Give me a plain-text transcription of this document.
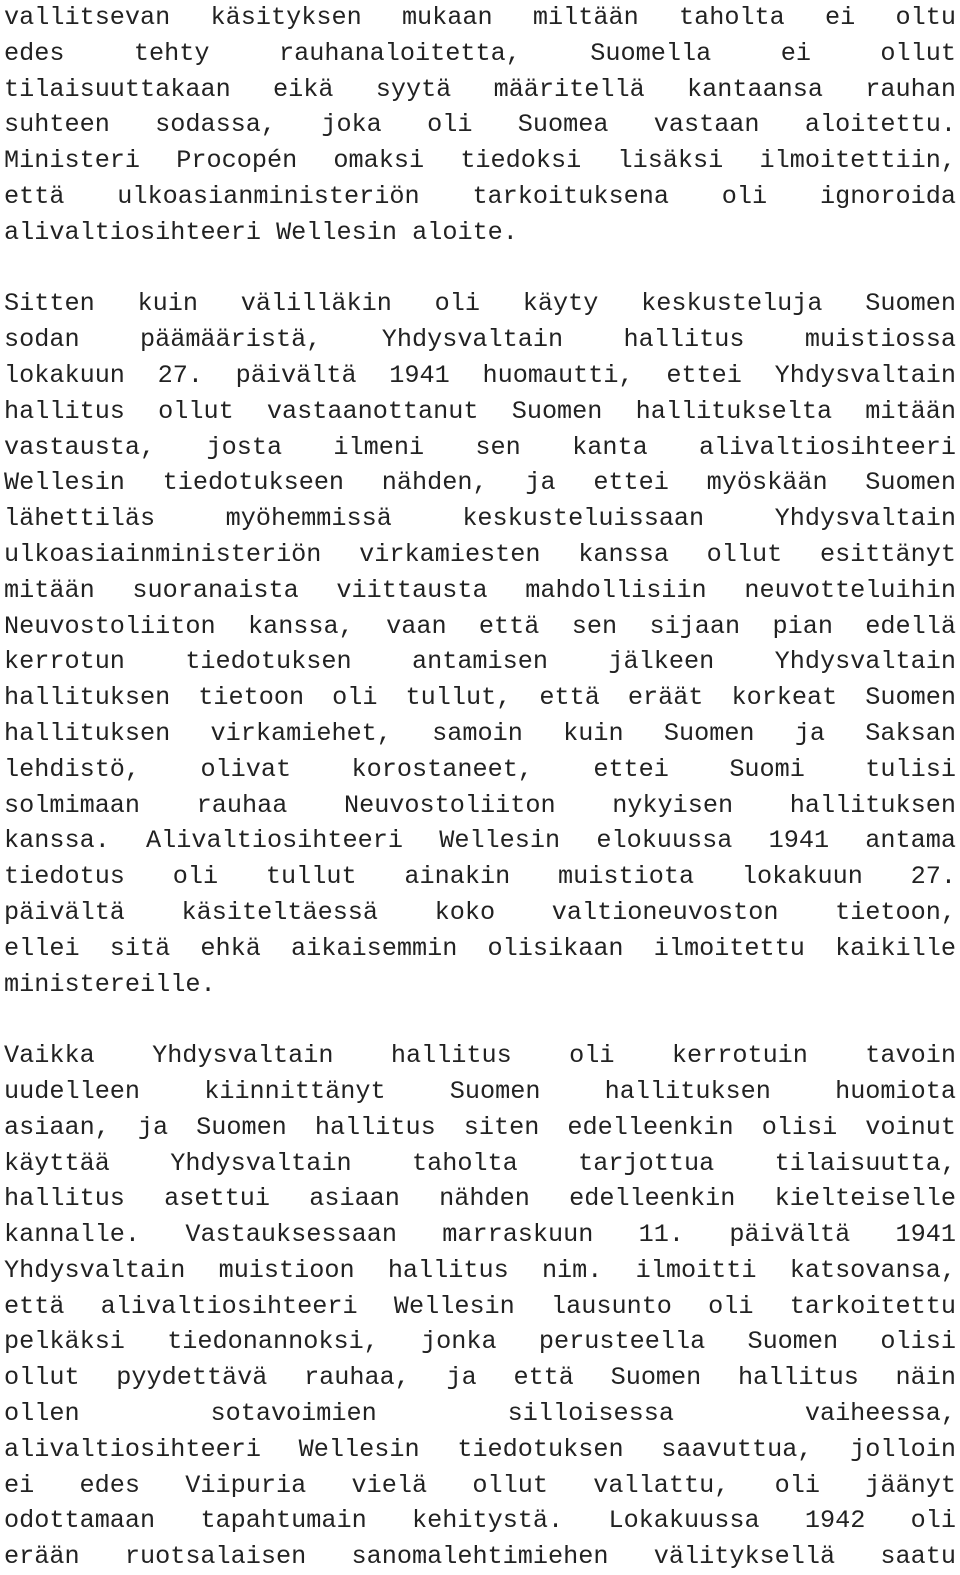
vallitsevan käsityksen mukaan miltään taholta ei oltu
edes tehty rauhanaloitetta, Suomella ei ollut
tilaisuuttakaan eikä syytä määritellä kantaansa rauhan
suhteen sodassa, joka oli Suomea vastaan aloitettu.
Ministeri Procopén omaksi tiedoksi lisäksi ilmoitettiin,
että ulkoasianministeriön tarkoituksena oli ignoroida
alivaltiosihteeri Wellesin aloite.
Sitten kuin välilläkin oli käyty keskusteluja Suomen
sodan päämääristä, Yhdysvaltain hallitus muistiossa
lokakuun 27. päivältä 1941 huomautti, ettei Yhdysvaltain
hallitus ollut vastaanottanut Suomen hallitukselta mitään
vastausta, josta ilmeni sen kanta alivaltiosihteeri
Wellesin tiedotukseen nähden, ja ettei myöskään Suomen
lähettiläs myöhemmissä keskusteluissaan Yhdysvaltain
ulkoasiainministeriön virkamiesten kanssa ollut esittänyt
mitään suoranaista viittausta mahdollisiin neuvotteluihin
Neuvostoliiton kanssa, vaan että sen sijaan pian edellä
kerrotun tiedotuksen antamisen jälkeen Yhdysvaltain
hallituksen tietoon oli tullut, että eräät korkeat Suomen
hallituksen virkamiehet, samoin kuin Suomen ja Saksan
lehdistö, olivat korostaneet, ettei Suomi tulisi
solmimaan rauhaa Neuvostoliiton nykyisen hallituksen
kanssa. Alivaltiosihteeri Wellesin elokuussa 1941 antama
tiedotus oli tullut ainakin muistiota lokakuun 27.
päivältä käsiteltäessä koko valtioneuvoston tietoon,
ellei sitä ehkä aikaisemmin olisikaan ilmoitettu kaikille
ministereille.
Vaikka Yhdysvaltain hallitus oli kerrotuin tavoin
uudelleen kiinnittänyt Suomen hallituksen huomiota
asiaan, ja Suomen hallitus siten edelleenkin olisi voinut
käyttää Yhdysvaltain taholta tarjottua tilaisuutta,
hallitus asettui asiaan nähden edelleenkin kielteiselle
kannalle. Vastauksessaan marraskuun 11. päivältä 1941
Yhdysvaltain muistioon hallitus nim. ilmoitti katsovansa,
että alivaltiosihteeri Wellesin lausunto oli tarkoitettu
pelkäksi tiedonannoksi, jonka perusteella Suomen olisi
ollut pyydettävä rauhaa, ja että Suomen hallitus näin
ollen sotavoimien silloisessa vaiheessa,
alivaltiosihteeri Wellesin tiedotuksen saavuttua, jolloin
ei edes Viipuria vielä ollut vallattu, oli jäänyt
odottamaan tapahtumain kehitystä. Lokakuussa 1942 oli
erään ruotsalaisen sanomalehtimiehen välityksellä saatu
